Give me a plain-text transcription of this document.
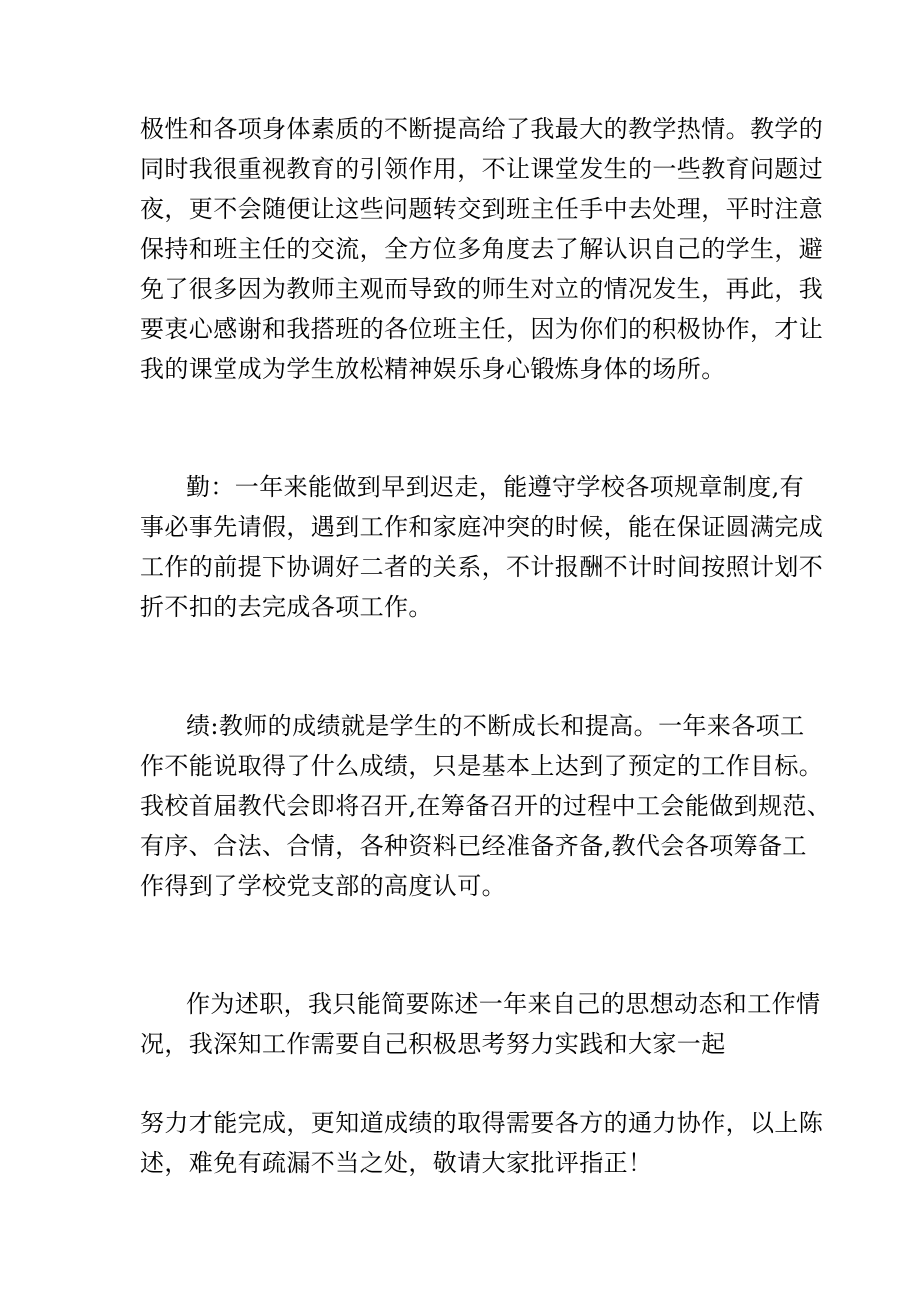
极性和各项身体素质的不断提高给了我最大的教学热情。教学的
同时我很重视教育的引领作用，不让课堂发生的一些教育问题过
夜，更不会随便让这些问题转交到班主任手中去处理，平时注意
保持和班主任的交流，全方位多角度去了解认识自己的学生，避
免了很多因为教师主观而导致的师生对立的情况发生，再此，我
要衷心感谢和我搭班的各位班主任，因为你们的积极协作，才让
我的课堂成为学生放松精神娱乐身心锻炼身体的场所。
勤：一年来能做到早到迟走，能遵守学校各项规章制度,有
事必事先请假，遇到工作和家庭冲突的时候，能在保证圆满完成
工作的前提下协调好二者的关系，不计报酬不计时间按照计划不
折不扣的去完成各项工作。
绩:教师的成绩就是学生的不断成长和提高。一年来各项工
作不能说取得了什么成绩，只是基本上达到了预定的工作目标。
我校首届教代会即将召开,在筹备召开的过程中工会能做到规范、
有序、合法、合情，各种资料已经准备齐备,教代会各项筹备工
作得到了学校党支部的高度认可。
作为述职，我只能简要陈述一年来自己的思想动态和工作情
况，我深知工作需要自己积极思考努力实践和大家一起
努力才能完成，更知道成绩的取得需要各方的通力协作，以上陈
述，难免有疏漏不当之处，敬请大家批评指正！
